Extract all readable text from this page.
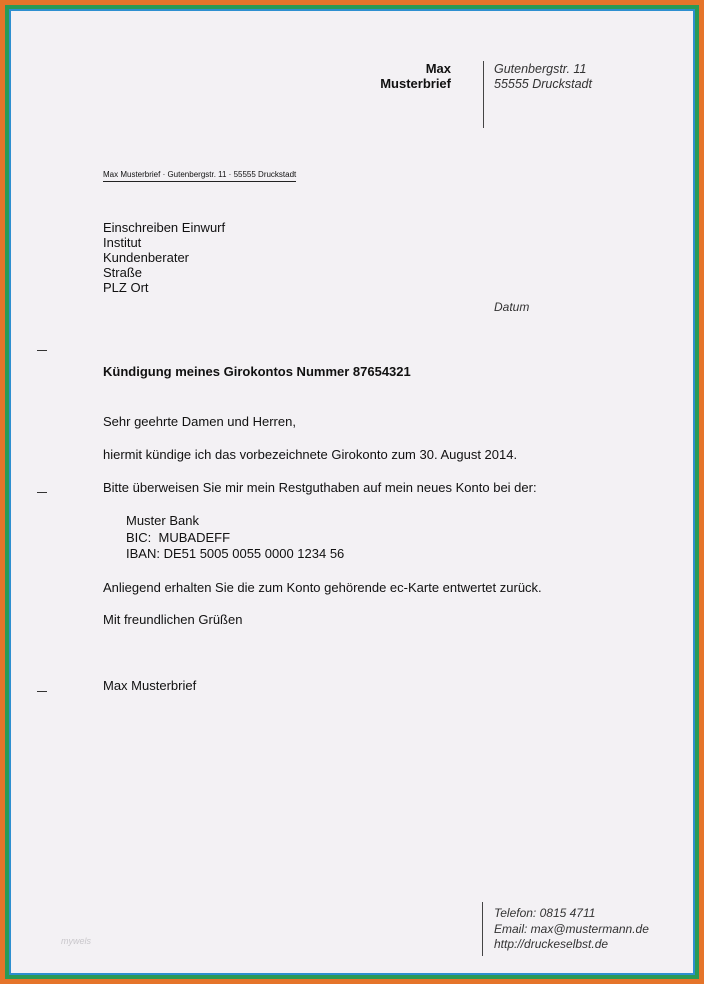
Max
Musterbrief
Gutenbergstr. 11
55555 Druckstadt
Max Musterbrief · Gutenbergstr. 11 · 55555 Druckstadt
Einschreiben Einwurf
Institut
Kundenberater
Straße
PLZ Ort
Datum
Kündigung meines Girokontos Nummer 87654321
Sehr geehrte Damen und Herren,
hiermit kündige ich das vorbezeichnete Girokonto zum 30. August 2014.
Bitte überweisen Sie mir mein Restguthaben auf mein neues Konto bei der:
Muster Bank
BIC:  MUBADEFF
IBAN: DE51 5005 0055 0000 1234 56
Anliegend erhalten Sie die zum Konto gehörende ec-Karte entwertet zurück.
Mit freundlichen Grüßen
Max Musterbrief
mywels
Telefon: 0815 4711
Email: max@mustermann.de
http://druckeselbst.de
